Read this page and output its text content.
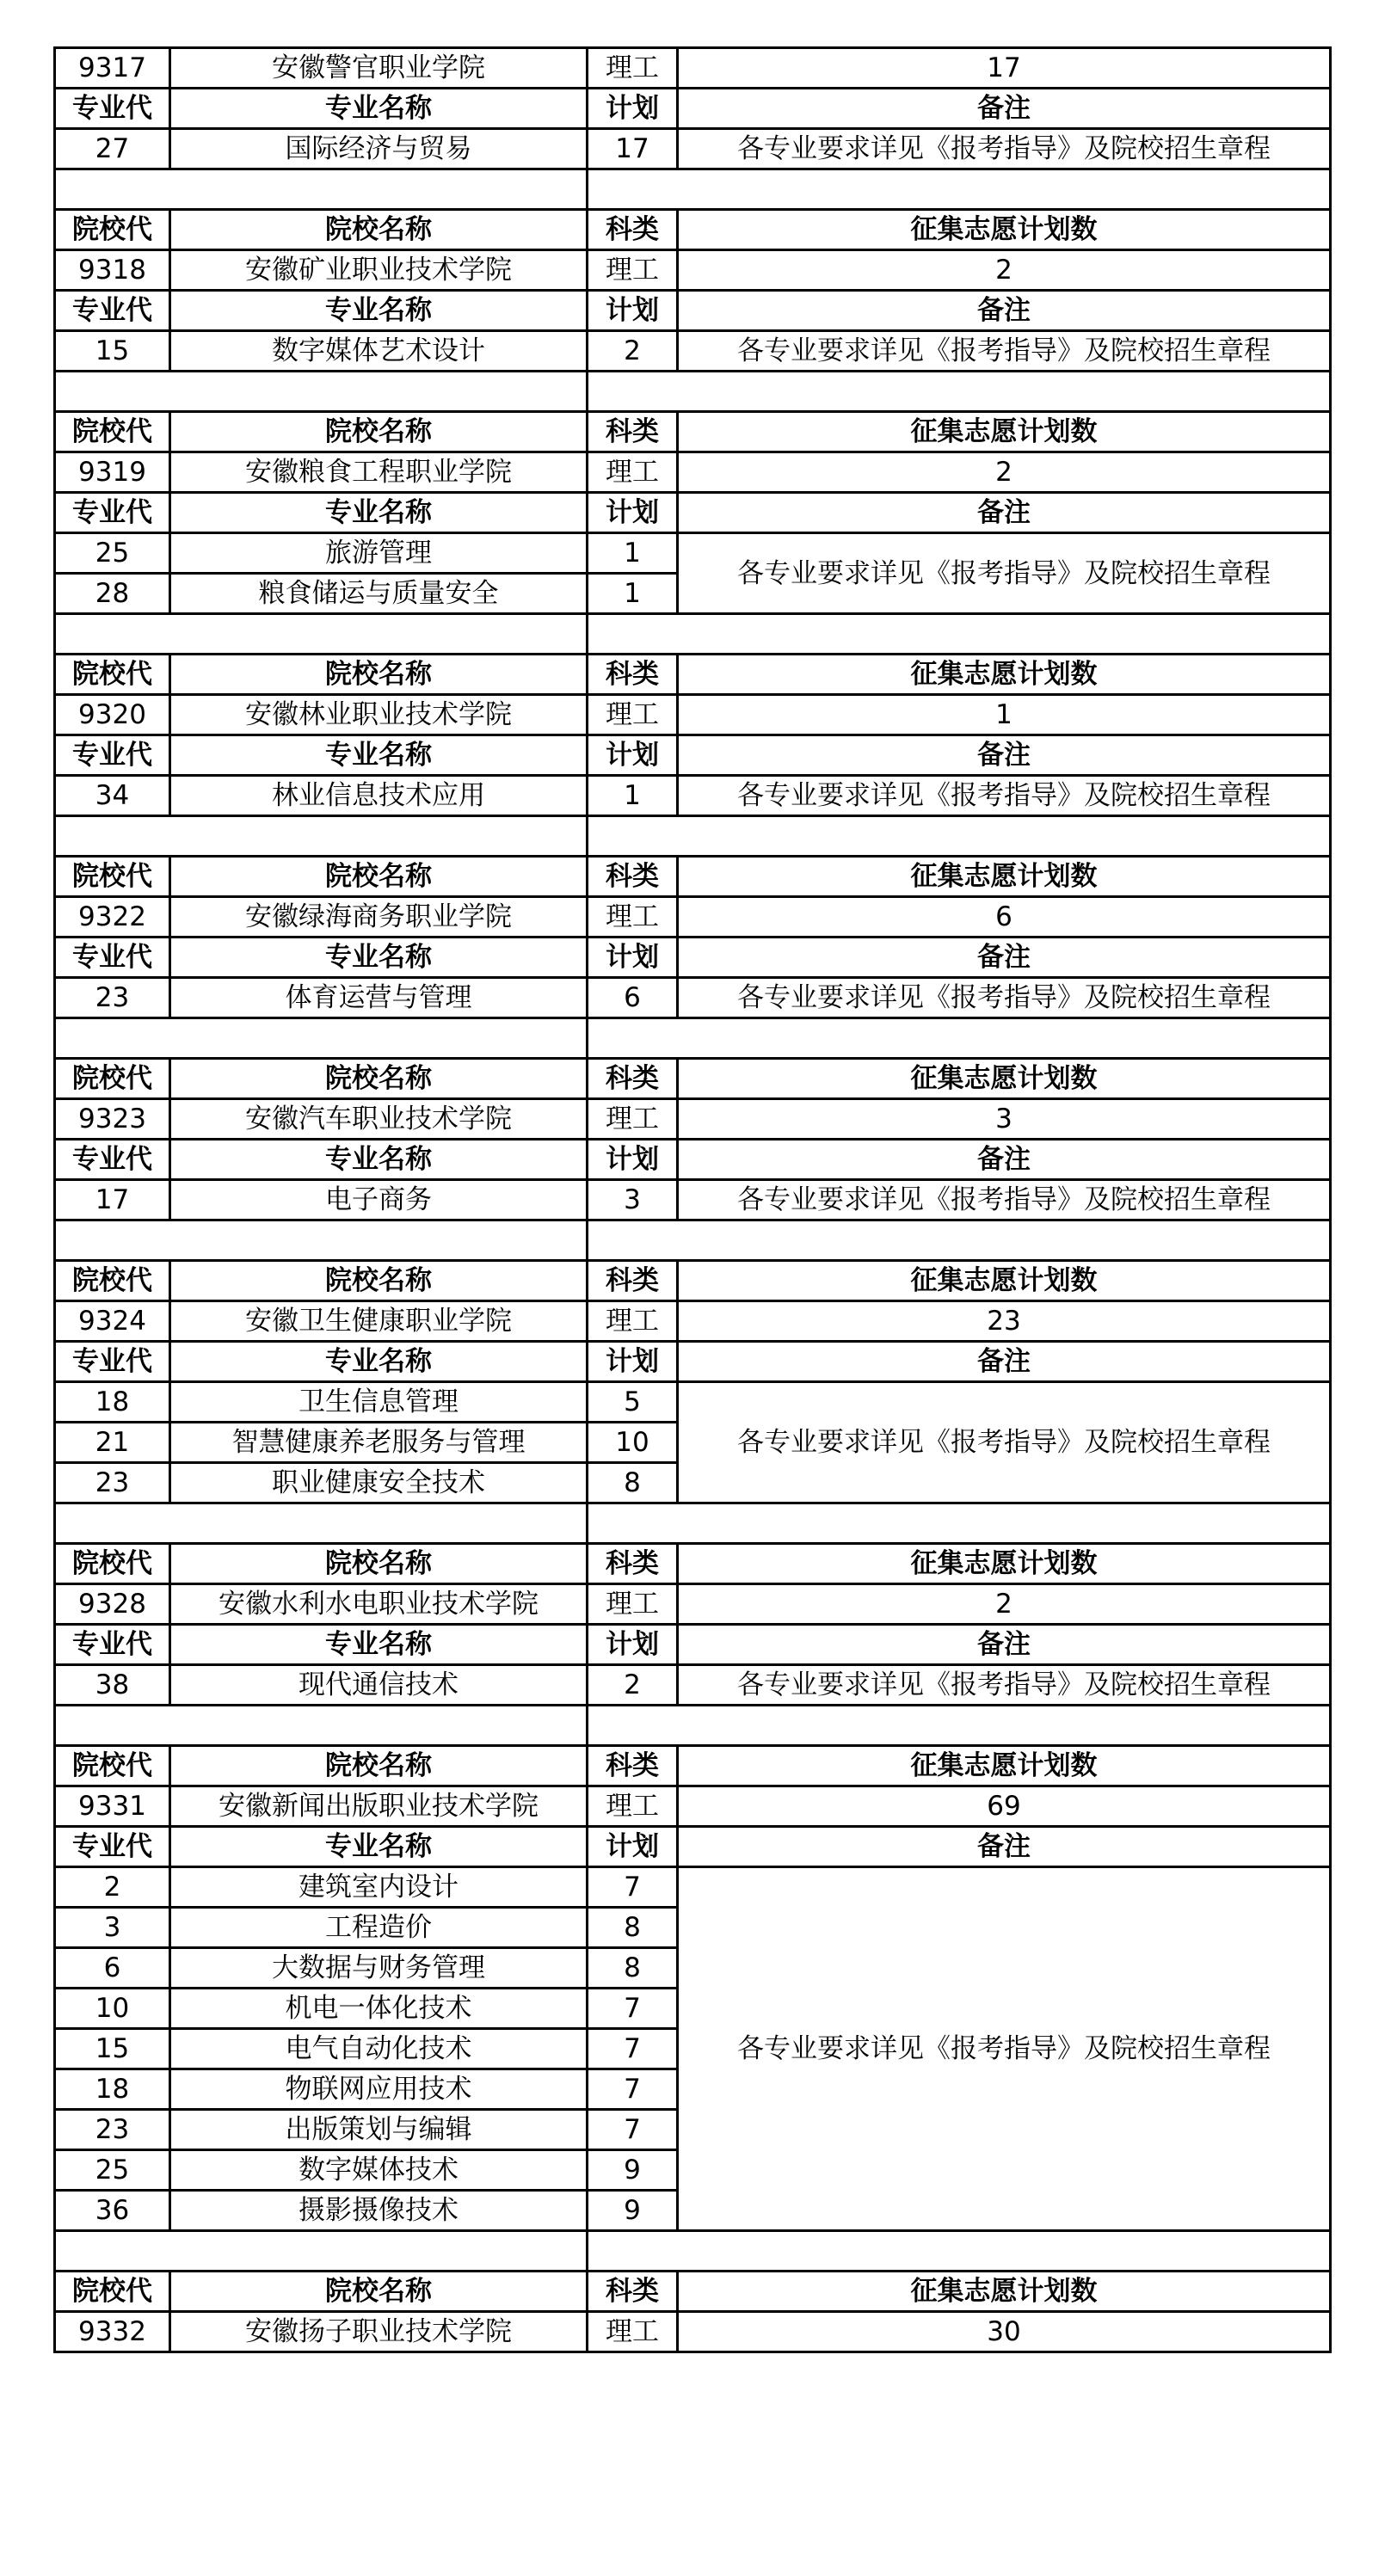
9317	安徽警官职业学院	理工	17
专业代	专业名称	计划	备注
27	国际经济与贸易	17	各专业要求详见《报考指导》及院校招生章程

院校代	院校名称	科类	征集志愿计划数
9318	安徽矿业职业技术学院	理工	2
专业代	专业名称	计划	备注
15	数字媒体艺术设计	2	各专业要求详见《报考指导》及院校招生章程

院校代	院校名称	科类	征集志愿计划数
9319	安徽粮食工程职业学院	理工	2
专业代	专业名称	计划	备注
25	旅游管理	1	各专业要求详见《报考指导》及院校招生章程
28	粮食储运与质量安全	1	

院校代	院校名称	科类	征集志愿计划数
9320	安徽林业职业技术学院	理工	1
专业代	专业名称	计划	备注
34	林业信息技术应用	1	各专业要求详见《报考指导》及院校招生章程

院校代	院校名称	科类	征集志愿计划数
9322	安徽绿海商务职业学院	理工	6
专业代	专业名称	计划	备注
23	体育运营与管理	6	各专业要求详见《报考指导》及院校招生章程

院校代	院校名称	科类	征集志愿计划数
9323	安徽汽车职业技术学院	理工	3
专业代	专业名称	计划	备注
17	电子商务	3	各专业要求详见《报考指导》及院校招生章程

院校代	院校名称	科类	征集志愿计划数
9324	安徽卫生健康职业学院	理工	23
专业代	专业名称	计划	备注
18	卫生信息管理	5	各专业要求详见《报考指导》及院校招生章程
21	智慧健康养老服务与管理	10	
23	职业健康安全技术	8	

院校代	院校名称	科类	征集志愿计划数
9328	安徽水利水电职业技术学院	理工	2
专业代	专业名称	计划	备注
38	现代通信技术	2	各专业要求详见《报考指导》及院校招生章程

院校代	院校名称	科类	征集志愿计划数
9331	安徽新闻出版职业技术学院	理工	69
专业代	专业名称	计划	备注
2	建筑室内设计	7	各专业要求详见《报考指导》及院校招生章程
3	工程造价	8	
6	大数据与财务管理	8	
10	机电一体化技术	7	
15	电气自动化技术	7	
18	物联网应用技术	7	
23	出版策划与编辑	7	
25	数字媒体技术	9	
36	摄影摄像技术	9	

院校代	院校名称	科类	征集志愿计划数
9332	安徽扬子职业技术学院	理工	30
